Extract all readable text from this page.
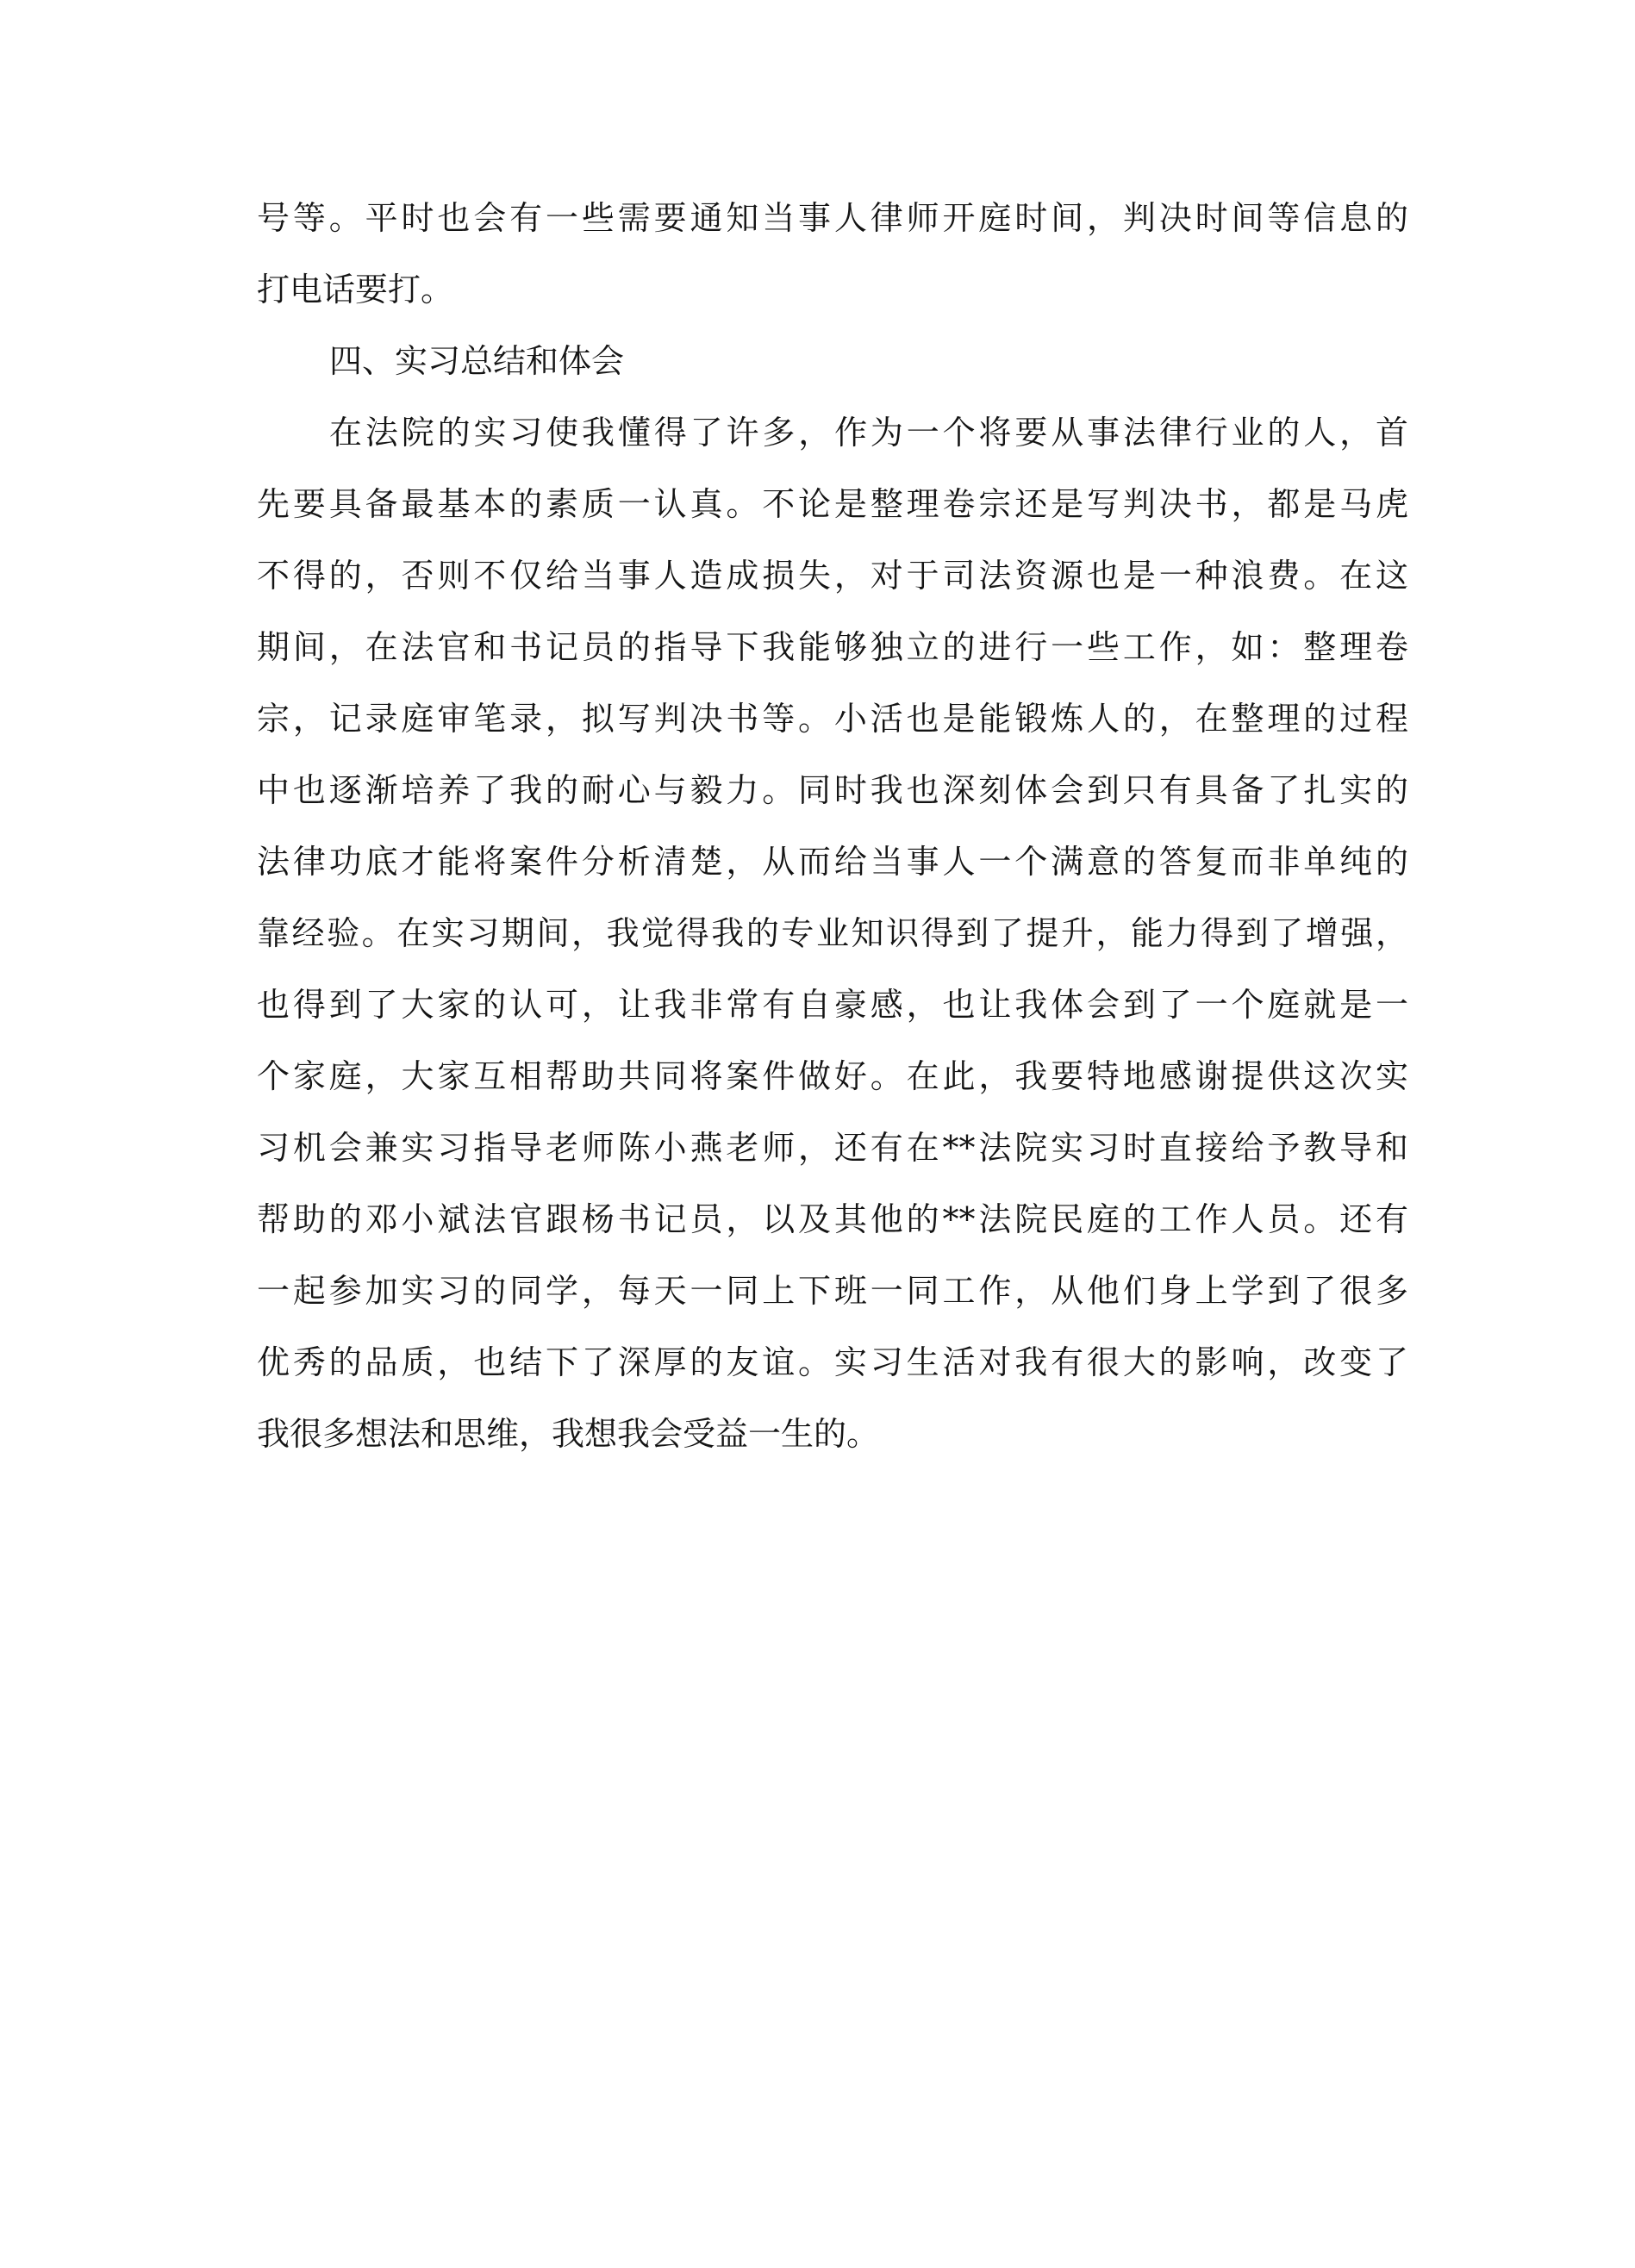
号等。平时也会有一些需要通知当事人律师开庭时间，判决时间等信息的
打电话要打。
四、实习总结和体会
在法院的实习使我懂得了许多，作为一个将要从事法律行业的人，首
先要具备最基本的素质一认真。不论是整理卷宗还是写判决书，都是马虎
不得的，否则不仅给当事人造成损失，对于司法资源也是一种浪费。在这
期间，在法官和书记员的指导下我能够独立的进行一些工作，如：整理卷
宗，记录庭审笔录，拟写判决书等。小活也是能锻炼人的，在整理的过程
中也逐渐培养了我的耐心与毅力。同时我也深刻体会到只有具备了扎实的
法律功底才能将案件分析清楚，从而给当事人一个满意的答复而非单纯的
靠经验。在实习期间，我觉得我的专业知识得到了提升，能力得到了增强，
也得到了大家的认可，让我非常有自豪感，也让我体会到了一个庭就是一
个家庭，大家互相帮助共同将案件做好。在此，我要特地感谢提供这次实
习机会兼实习指导老师陈小燕老师，还有在**法院实习时直接给予教导和
帮助的邓小斌法官跟杨书记员，以及其他的**法院民庭的工作人员。还有
一起参加实习的同学，每天一同上下班一同工作，从他们身上学到了很多
优秀的品质，也结下了深厚的友谊。实习生活对我有很大的影响，改变了
我很多想法和思维，我想我会受益一生的。
